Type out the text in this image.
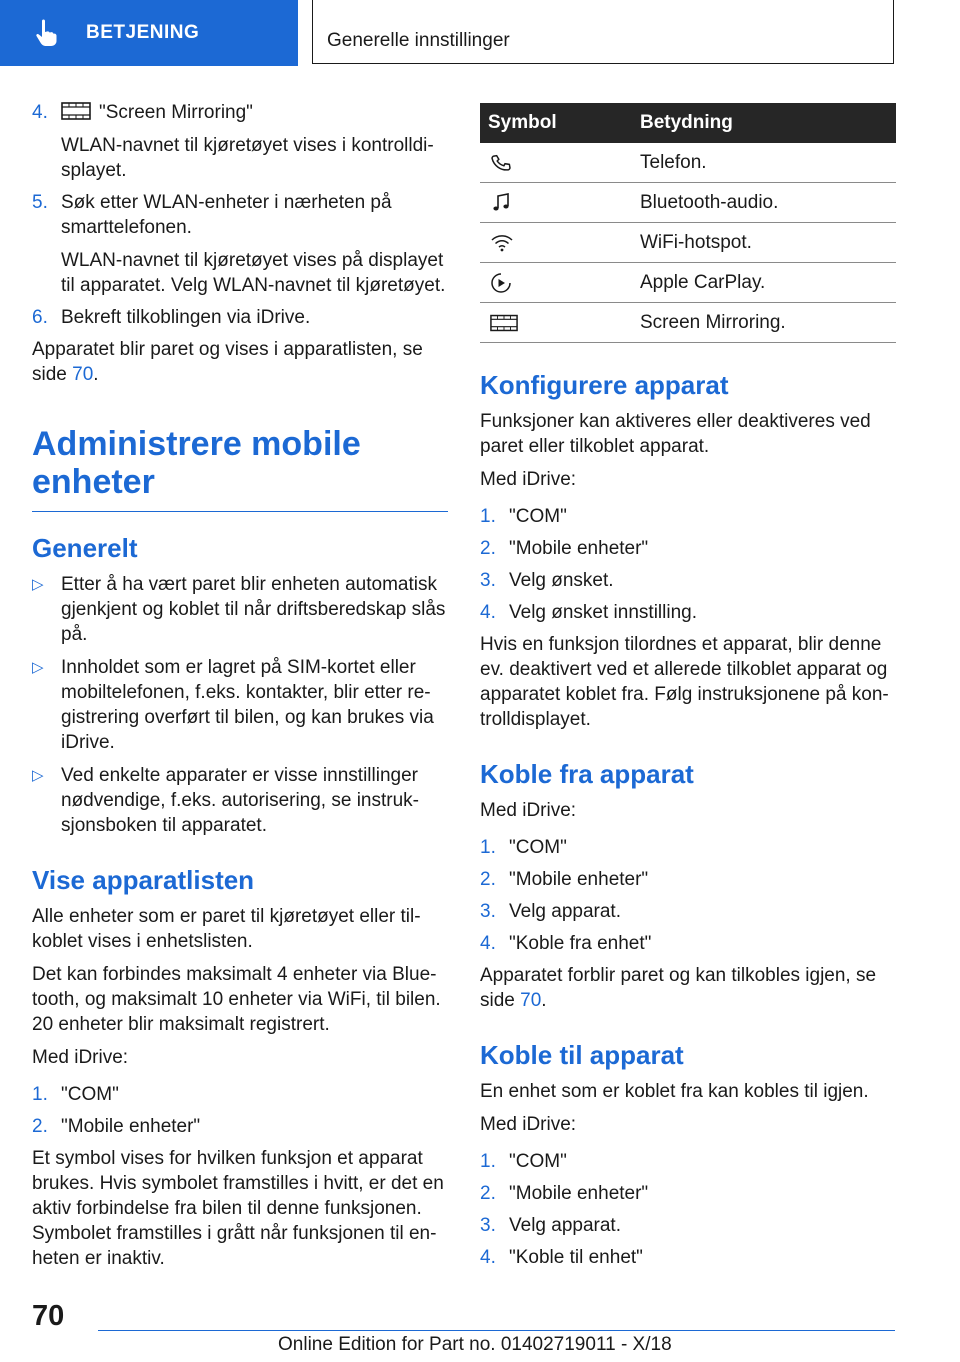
BETJENING	Generelle innstillinger
4.	"Screen Mirroring"

WLAN-navnet til kjøretøyet vises i kontrolldi-splayet.

5. Søk etter WLAN-enheter i nærheten på smarttelefonen.

WLAN-navnet til kjøretøyet vises på displayet til apparatet. Velg WLAN-navnet til kjøretøyet.

6. Bekreft tilkoblingen via iDrive.

Apparatet blir paret og vises i apparatlisten, se side 70.

Administrere mobile enheter
Generelt
▷ Etter å ha vært paret blir enheten automatisk gjenkjent og koblet til når driftsberedskap slås på.

▷ Innholdet som er lagret på SIM-kortet eller mobiltelefonen, f.eks. kontakter, blir etter re-gistrering overført til bilen, og kan brukes via iDrive.

▷ Ved enkelte apparater er visse innstillinger nødvendige, f.eks. autorisering, se instruk-sjonsboken til apparatet.

Vise apparatlisten

Alle enheter som er paret til kjøretøyet eller til-koblet vises i enhetslisten.

Det kan forbindes maksimalt 4 enheter via Blue-tooth, og maksimalt 10 enheter via WiFi, til bilen. 20 enheter blir maksimalt registrert.

Med iDrive:

1. "COM"

2. "Mobile enheter"

Et symbol vises for hvilken funksjon et apparat brukes. Hvis symbolet framstilles i hvitt, er det en aktiv forbindelse fra bilen til denne funksjonen. Symbolet framstilles i grått når funksjonen til en-heten er inaktiv.

Symbol	Betydning

	Telefon.

	Bluetooth-audio.

	WiFi-hotspot.

	Apple CarPlay.

	Screen Mirroring.
Konfigurere apparat

Funksjoner kan aktiveres eller deaktiveres ved paret eller tilkoblet apparat.

Med iDrive:

1. "COM"

2. "Mobile enheter"

3. Velg ønsket.

4. Velg ønsket innstilling.

Hvis en funksjon tilordnes et apparat, blir denne ev. deaktivert ved et allerede tilkoblet apparat og apparatet koblet fra. Følg instruksjonene på kon-trolldisplayet.

Koble fra apparat

Med iDrive:

1. "COM"

2. "Mobile enheter"

3. Velg apparat.

4. "Koble fra enhet"

Apparatet forblir paret og kan tilkobles igjen, se side 70.

Koble til apparat

En enhet som er koblet fra kan kobles til igjen.

Med iDrive:

1. "COM"

2. "Mobile enheter"

3. Velg apparat.

4. "Koble til enhet"

70
Online Edition for Part no. 01402719011 - X/18
